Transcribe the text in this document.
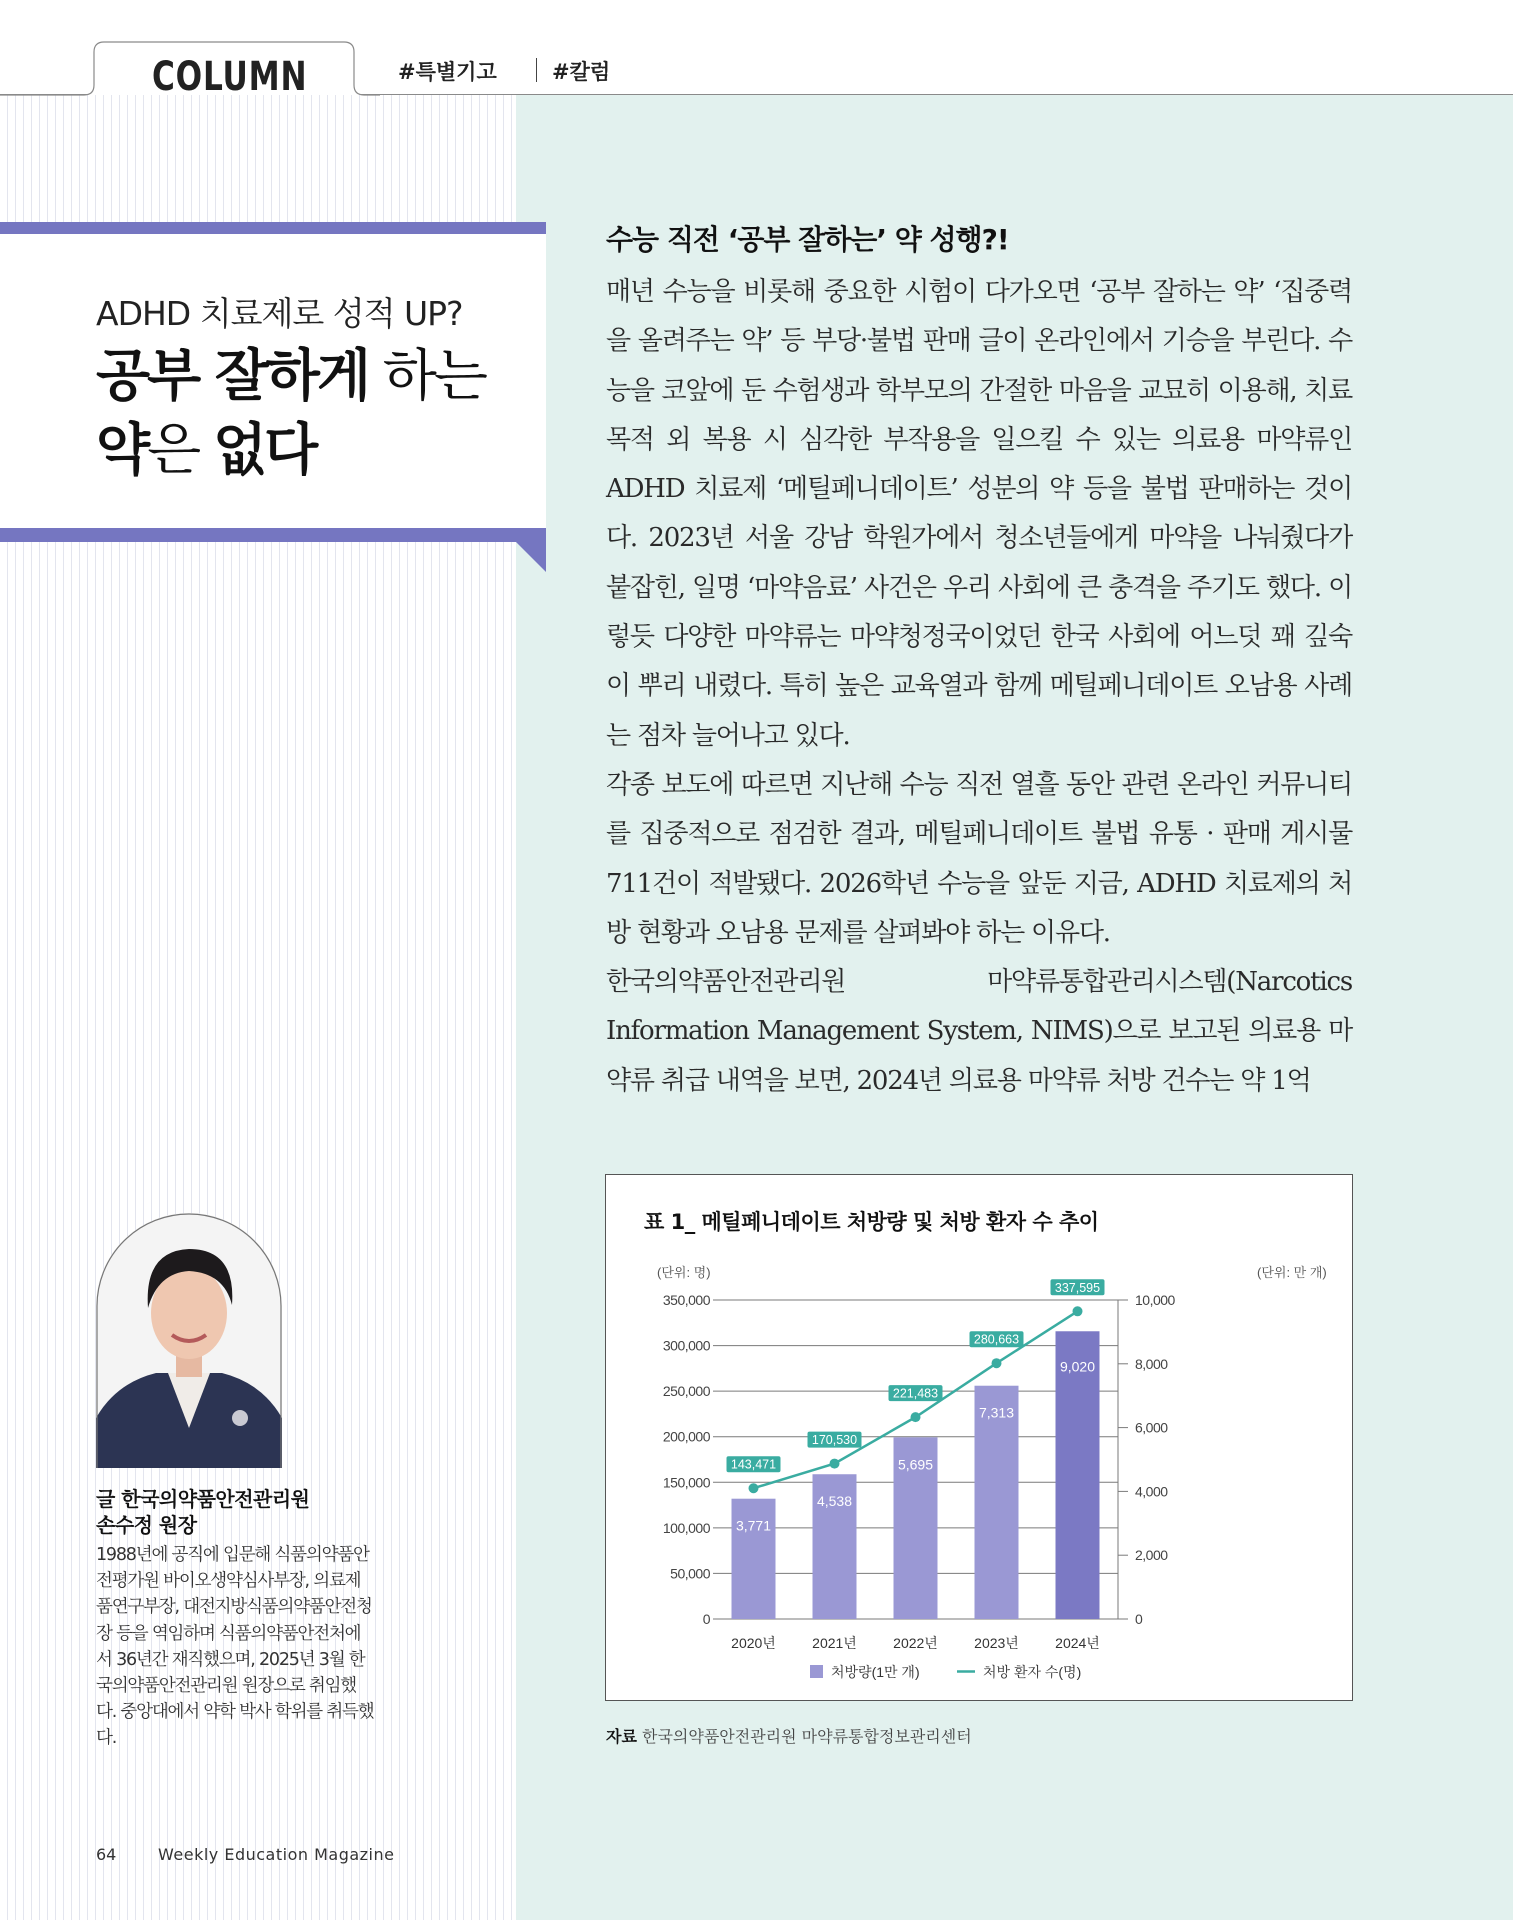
COLUMN	#특별기고	#칼럼
ADHD 치료제로 성적 UP?
공부 잘하게 하는
약은 없다
수능 직전 ‘공부 잘하는’ 약 성행?!

매년 수능을 비롯해 중요한 시험이 다가오면 ‘공부 잘하는 약’ ‘집중력을 올려주는 약’ 등 부당·불법 판매 글이 온라인에서 기승을 부린다. 수능을 코앞에 둔 수험생과 학부모의 간절한 마음을 교묘히 이용해, 치료 목적 외 복용 시 심각한 부작용을 일으킬 수 있는 의료용 마약류인 ADHD 치료제 ‘메틸페니데이트’ 성분의 약 등을 불법 판매하는 것이다. 2023년 서울 강남 학원가에서 청소년들에게 마약을 나눠줬다가 붙잡힌, 일명 ‘마약음료’ 사건은 우리 사회에 큰 충격을 주기도 했다. 이렇듯 다양한 마약류는 마약청정국이었던 한국 사회에 어느덧 꽤 깊숙이 뿌리 내렸다. 특히 높은 교육열과 함께 메틸페니데이트 오남용 사례는 점차 늘어나고 있다.

각종 보도에 따르면 지난해 수능 직전 열흘 동안 관련 온라인 커뮤니티를 집중적으로 점검한 결과, 메틸페니데이트 불법 유통 · 판매 게시물 711건이 적발됐다. 2026학년 수능을 앞둔 지금, ADHD 치료제의 처방 현황과 오남용 문제를 살펴봐야 하는 이유다.

한국의약품안전관리원 마약류통합관리시스템(Narcotics Information Management System, NIMS)으로 보고된 의료용 마약류 취급 내역을 보면, 2024년 의료용 마약류 처방 건수는 약 1억

표 1_ 메틸페니데이트 처방량 및 처방 환자 수 추이
(단위: 명)	(단위: 만 개)
0
50,000
100,000
150,000
200,000
250,000
300,000
350,000
0
2,000
4,000
6,000
8,000
10,000
3,771
2020년
4,538
2021년
5,695
2022년
7,313
2023년
9,020
2024년
143,471
170,530
221,483
280,663
337,595
처방량(1만 개)	처방 환자 수(명)
자료 한국의약품안전관리원 마약류통합정보관리센터
글 한국의약품안전관리원
손수정 원장
1988년에 공직에 입문해 식품의약품안전평가원 바이오생약심사부장, 의료제품연구부장, 대전지방식품의약품안전청장 등을 역임하며 식품의약품안전처에서 36년간 재직했으며, 2025년 3월 한국의약품안전관리원 원장으로 취임했다. 중앙대에서 약학 박사 학위를 취득했다.
64	Weekly Education Magazine
